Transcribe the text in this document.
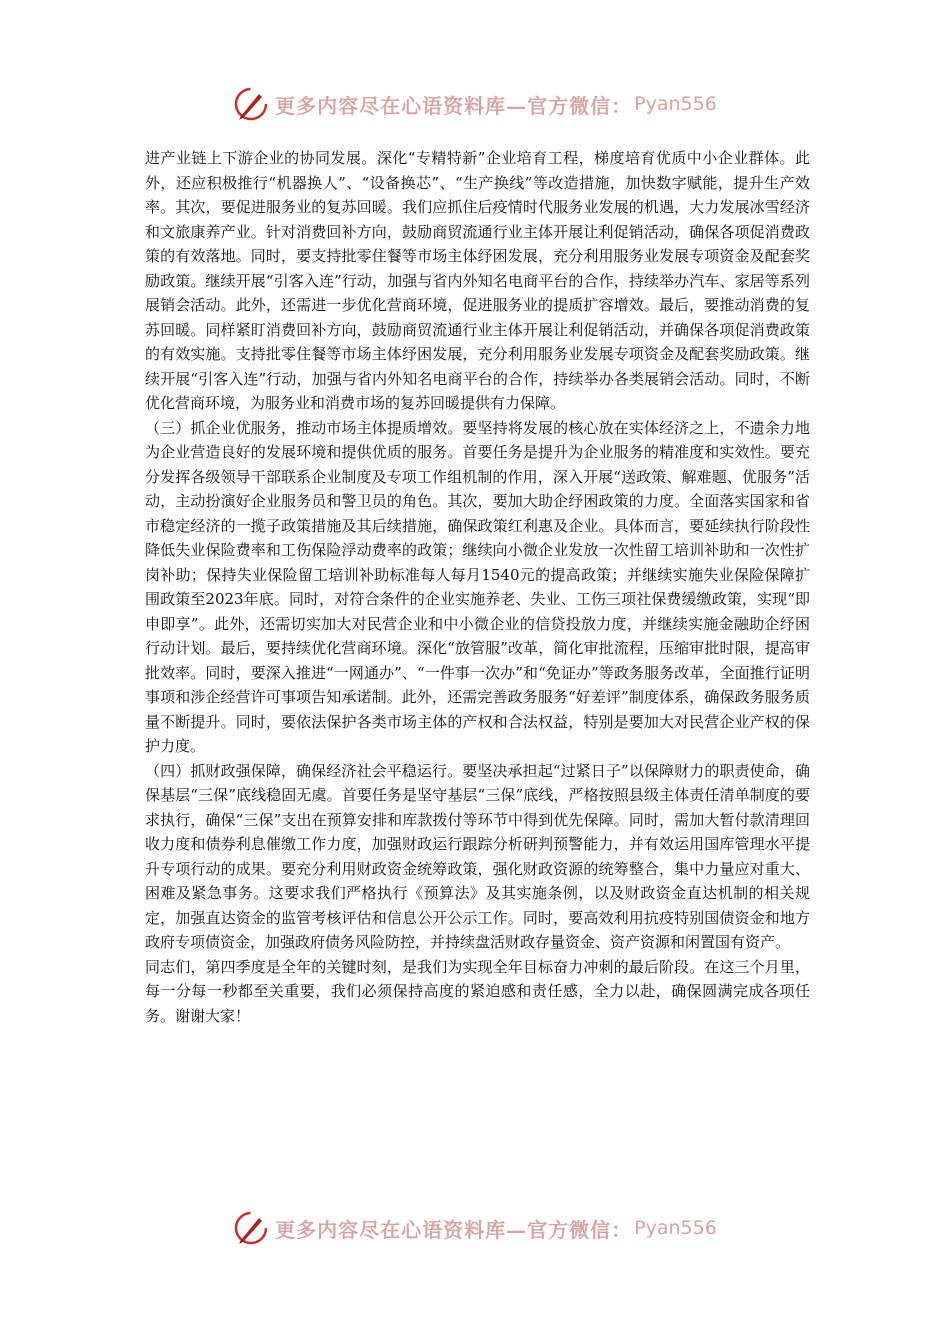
更多内容尽在心语资料库—官方微信： Pyan556

进产业链上下游企业的协同发展。深化“专精特新”企业培育工程，梯度培育优质中小企业群体。此外，还应积极推行“机器换人”、“设备换芯”、“生产换线”等改造措施，加快数字赋能，提升生产效率。其次，要促进服务业的复苏回暖。我们应抓住后疫情时代服务业发展的机遇，大力发展冰雪经济和文旅康养产业。针对消费回补方向，鼓励商贸流通行业主体开展让利促销活动，确保各项促消费政策的有效落地。同时，要支持批零住餐等市场主体纾困发展，充分利用服务业发展专项资金及配套奖励政策。继续开展“引客入连”行动，加强与省内外知名电商平台的合作，持续举办汽车、家居等系列展销会活动。此外，还需进一步优化营商环境，促进服务业的提质扩容增效。最后，要推动消费的复苏回暖。同样紧盯消费回补方向，鼓励商贸流通行业主体开展让利促销活动，并确保各项促消费政策的有效实施。支持批零住餐等市场主体纾困发展，充分利用服务业发展专项资金及配套奖励政策。继续开展“引客入连”行动，加强与省内外知名电商平台的合作，持续举办各类展销会活动。同时，不断优化营商环境，为服务业和消费市场的复苏回暖提供有力保障。

（三）抓企业优服务，推动市场主体提质增效。要坚持将发展的核心放在实体经济之上，不遗余力地为企业营造良好的发展环境和提供优质的服务。首要任务是提升为企业服务的精准度和实效性。要充分发挥各级领导干部联系企业制度及专项工作组机制的作用，深入开展“送政策、解难题、优服务”活动，主动扮演好企业服务员和警卫员的角色。其次，要加大助企纾困政策的力度。全面落实国家和省市稳定经济的一揽子政策措施及其后续措施，确保政策红利惠及企业。具体而言，要延续执行阶段性降低失业保险费率和工伤保险浮动费率的政策；继续向小微企业发放一次性留工培训补助和一次性扩岗补助；保持失业保险留工培训补助标准每人每月1540元的提高政策；并继续实施失业保险保障扩围政策至2023年底。同时，对符合条件的企业实施养老、失业、工伤三项社保费缓缴政策，实现“即申即享”。此外，还需切实加大对民营企业和中小微企业的信贷投放力度，并继续实施金融助企纾困行动计划。最后，要持续优化营商环境。深化“放管服”改革，简化审批流程，压缩审批时限，提高审批效率。同时，要深入推进“一网通办”、“一件事一次办”和“免证办”等政务服务改革，全面推行证明事项和涉企经营许可事项告知承诺制。此外，还需完善政务服务“好差评”制度体系，确保政务服务质量不断提升。同时，要依法保护各类市场主体的产权和合法权益，特别是要加大对民营企业产权的保护力度。

（四）抓财政强保障，确保经济社会平稳运行。要坚决承担起“过紧日子”以保障财力的职责使命，确保基层“三保”底线稳固无虞。首要任务是坚守基层“三保”底线，严格按照县级主体责任清单制度的要求执行，确保“三保”支出在预算安排和库款拨付等环节中得到优先保障。同时，需加大暂付款清理回收力度和债券利息催缴工作力度，加强财政运行跟踪分析研判预警能力，并有效运用国库管理水平提升专项行动的成果。要充分利用财政资金统筹政策，强化财政资源的统筹整合，集中力量应对重大、困难及紧急事务。这要求我们严格执行《预算法》及其实施条例，以及财政资金直达机制的相关规定，加强直达资金的监管考核评估和信息公开公示工作。同时，要高效利用抗疫特别国债资金和地方政府专项债资金，加强政府债务风险防控，并持续盘活财政存量资金、资产资源和闲置国有资产。

同志们，第四季度是全年的关键时刻，是我们为实现全年目标奋力冲刺的最后阶段。在这三个月里，每一分每一秒都至关重要，我们必须保持高度的紧迫感和责任感，全力以赴，确保圆满完成各项任务。谢谢大家！

更多内容尽在心语资料库—官方微信： Pyan556
